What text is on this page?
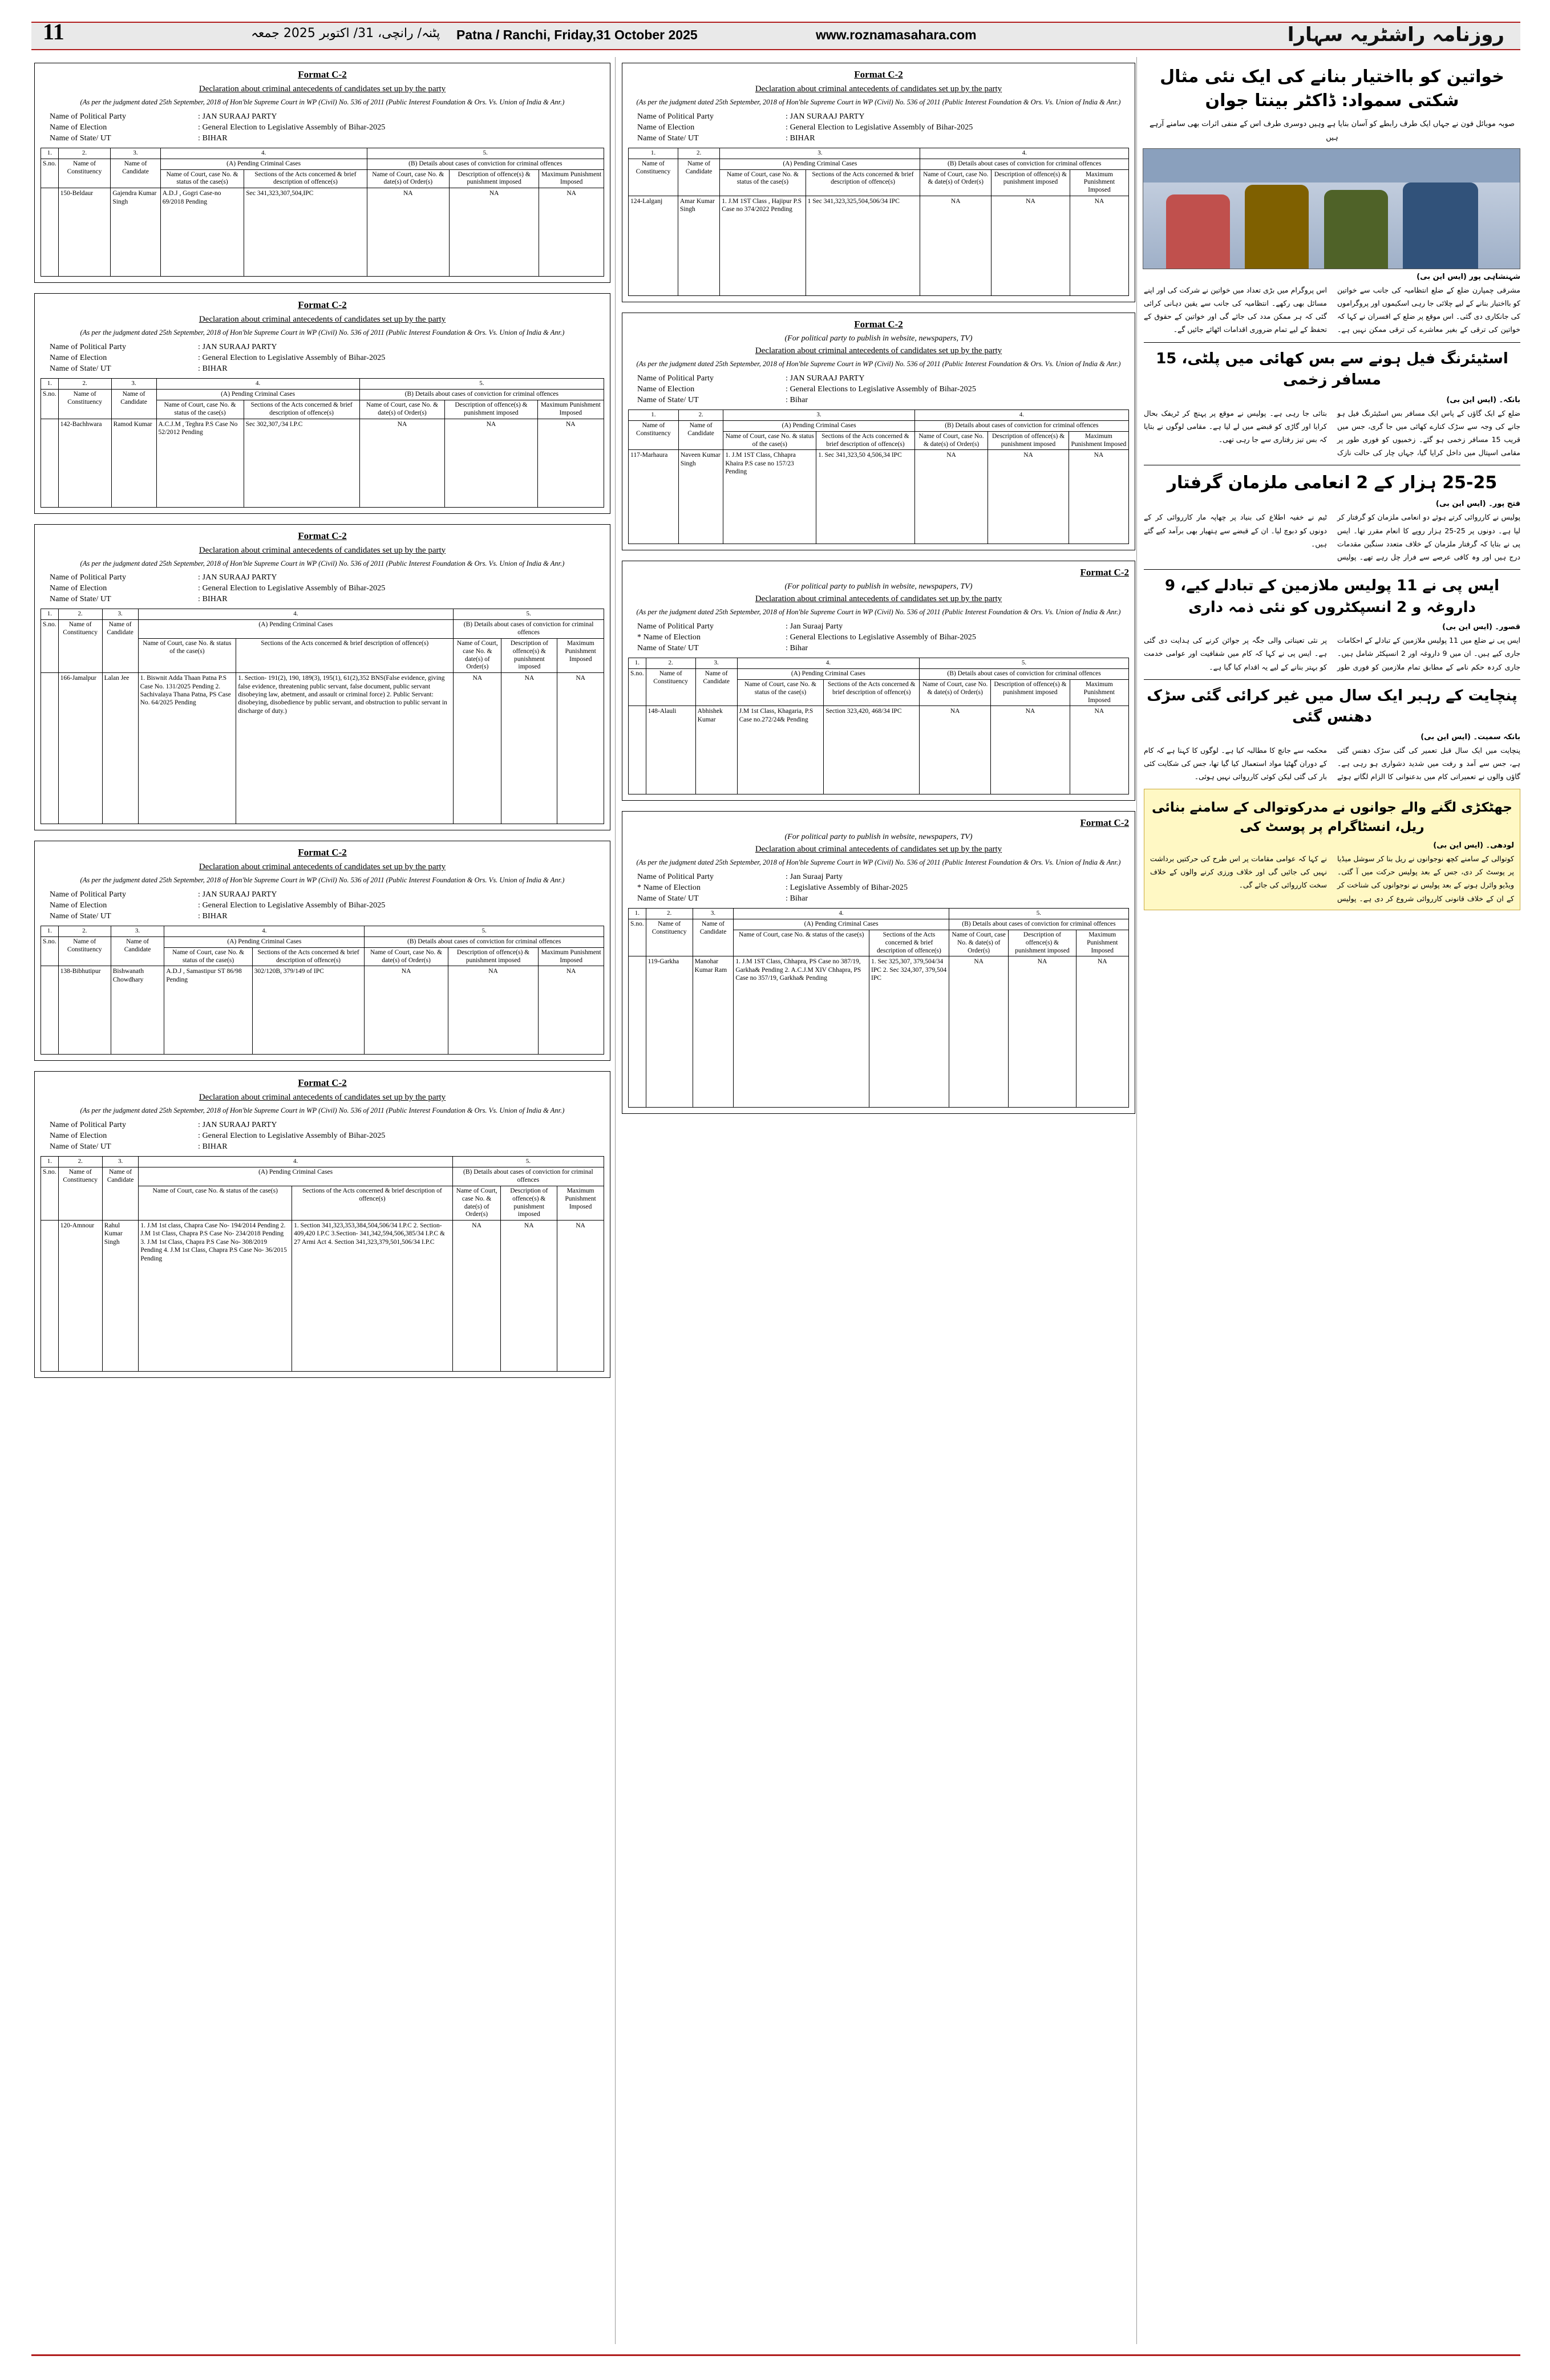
11	پٹنہ/ رانچی، 31/ اکتوبر 2025 جمعہ Patna / Ranchi, Friday,31 October 2025	www.roznamasahara.com	روزنامہ راشٹریہ سہارا
Format C-2
Declaration about criminal antecedents of candidates set up by the party
(As per the judgment dated 25th September, 2018 of Hon'ble Supreme Court in WP (Civil) No. 536 of 2011 (Public Interest Foundation & Ors. Vs. Union of India & Anr.)
Name of Political Party	: JAN SURAAJ PARTY
Name of Election	: General Election to Legislative Assembly of Bihar-2025
Name of State/ UT	: BIHAR
1.	2.	3.	4.		5.		
S.no.	Name of Constituency	Name of Candidate	(A) Pending Criminal Cases		(B) Details about cases of conviction for criminal offences		
			Name of Court, case No. & status of the case(s)	Sections of the Acts concerned & brief description of offence(s)	Name of Court, case No. & date(s) of Order(s)	Description of offence(s) & punishment imposed	Maximum Punishment Imposed
	150-Beldaur	Gajendra Kumar Singh	A.D.J , Gogri Case-no 69/2018 Pending	Sec 341,323,307,504,IPC	NA	NA	NA
Format C-2
Declaration about criminal antecedents of candidates set up by the party
(As per the judgment dated 25th September, 2018 of Hon'ble Supreme Court in WP (Civil) No. 536 of 2011 (Public Interest Foundation & Ors. Vs. Union of India & Anr.)
Name of Political Party	: JAN SURAAJ PARTY
Name of Election	: General Election to Legislative Assembly of Bihar-2025
Name of State/ UT	: BIHAR
1.	2.	3.	4.		5.		
S.no.	Name of Constituency	Name of Candidate	(A) Pending Criminal Cases		(B) Details about cases of conviction for criminal offences		
			Name of Court, case No. & status of the case(s)	Sections of the Acts concerned & brief description of offence(s)	Name of Court, case No. & date(s) of Order(s)	Description of offence(s) & punishment imposed	Maximum Punishment Imposed
	142-Bachhwara	Ramod Kumar	A.C.J.M , Teghra P.S Case No 52/2012 Pending	Sec 302,307,/34 I.P.C	NA	NA	NA
Format C-2
Declaration about criminal antecedents of candidates set up by the party
(As per the judgment dated 25th September, 2018 of Hon'ble Supreme Court in WP (Civil) No. 536 of 2011 (Public Interest Foundation & Ors. Vs. Union of India & Anr.)
Name of Political Party	: JAN SURAAJ PARTY
Name of Election	: General Election to Legislative Assembly of Bihar-2025
Name of State/ UT	: BIHAR
1.	2.	3.	4.		5.		
S.no.	Name of Constituency	Name of Candidate	(A) Pending Criminal Cases		(B) Details about cases of conviction for criminal offences		
			Name of Court, case No. & status of the case(s)	Sections of the Acts concerned & brief description of offence(s)	Name of Court, case No. & date(s) of Order(s)	Description of offence(s) & punishment imposed	Maximum Punishment Imposed
	166-Jamalpur	Lalan Jee	1. Biswnit Adda Thaan Patna P.S Case No. 131/2025 Pending 2. Sachivalaya Thana Patna, PS Case No. 64/2025 Pending	1. Section- 191(2), 190, 189(3), 195(1), 61(2),352 BNS(False evidence, giving false evidence, threatening public servant, false document, public servant disobeying law, abetment, and assault or criminal force) 2. Public Servant: disobeying, disobedience by public servant, and obstruction to public servant in discharge of duty.)	NA	NA	NA
Format C-2
Declaration about criminal antecedents of candidates set up by the party
(As per the judgment dated 25th September, 2018 of Hon'ble Supreme Court in WP (Civil) No. 536 of 2011 (Public Interest Foundation & Ors. Vs. Union of India & Anr.)
Name of Political Party	: JAN SURAAJ PARTY
Name of Election	: General Election to Legislative Assembly of Bihar-2025
Name of State/ UT	: BIHAR
1.	2.	3.	4.		5.		
S.no.	Name of Constituency	Name of Candidate	(A) Pending Criminal Cases		(B) Details about cases of conviction for criminal offences		
			Name of Court, case No. & status of the case(s)	Sections of the Acts concerned & brief description of offence(s)	Name of Court, case No. & date(s) of Order(s)	Description of offence(s) & punishment imposed	Maximum Punishment Imposed
	138-Bibhutipur	Bishwanath Chowdhary	A.D.J , Samastipur ST 86/98 Pending	302/120B, 379/149 of IPC	NA	NA	NA
Format C-2
Declaration about criminal antecedents of candidates set up by the party
(As per the judgment dated 25th September, 2018 of Hon'ble Supreme Court in WP (Civil) No. 536 of 2011 (Public Interest Foundation & Ors. Vs. Union of India & Anr.)
Name of Political Party	: JAN SURAAJ PARTY
Name of Election	: General Election to Legislative Assembly of Bihar-2025
Name of State/ UT	: BIHAR
1.	2.	3.	4.		5.		
S.no.	Name of Constituency	Name of Candidate	(A) Pending Criminal Cases		(B) Details about cases of conviction for criminal offences		
			Name of Court, case No. & status of the case(s)	Sections of the Acts concerned & brief description of offence(s)	Name of Court, case No. & date(s) of Order(s)	Description of offence(s) & punishment imposed	Maximum Punishment Imposed
	120-Amnour	Rahul Kumar Singh	1. J.M 1st class, Chapra Case No- 194/2014 Pending 2. J.M 1st Class, Chapra P.S Case No- 234/2018 Pending 3. J.M 1st Class, Chapra P.S Case No- 308/2019 Pending 4. J.M 1st Class, Chapra P.S Case No- 36/2015 Pending	1. Section 341,323,353,384,504,506/34 I.P.C 2. Section- 409,420 I.P.C 3.Section- 341,342,594,506,385/34 I.P.C & 27 Armi Act 4. Section 341,323,379,501,506/34 I.P.C	NA	NA	NA
Format C-2
Declaration about criminal antecedents of candidates set up by the party
(As per the judgment dated 25th September, 2018 of Hon'ble Supreme Court in WP (Civil) No. 536 of 2011 (Public Interest Foundation & Ors. Vs. Union of India & Anr.)
Name of Political Party	: JAN SURAAJ PARTY
Name of Election	: General Election to Legislative Assembly of Bihar-2025
Name of State/ UT	: BIHAR
1.	2.	3.		4.		
Name of Constituency	Name of Candidate	(A) Pending Criminal Cases		(B) Details about cases of conviction for criminal offences		
		Name of Court, case No. & status of the case(s)	Sections of the Acts concerned & brief description of offence(s)	Name of Court, case No. & date(s) of Order(s)	Description of offence(s) & punishment imposed	Maximum Punishment Imposed
124-Lalganj	Amar Kumar Singh	1. J.M 1ST Class , Hajipur P.S Case no 374/2022 Pending	1 Sec 341,323,325,504,506/34 IPC	NA	NA	NA
Format C-2
(For political party to publish in website, newspapers, TV)
Declaration about criminal antecedents of candidates set up by the party
(As per the judgment dated 25th September, 2018 of Hon'ble Supreme Court in WP (Civil) No. 536 of 2011 (Public Interest Foundation & Ors. Vs. Union of India & Anr.)
Name of Political Party	: JAN SURAAJ PARTY
Name of Election	: General Elections to Legislative Assembly of Bihar-2025
Name of State/ UT	: Bihar
1.	2.	3.		4.		
Name of Constituency	Name of Candidate	(A) Pending Criminal Cases		(B) Details about cases of conviction for criminal offences		
		Name of Court, case No. & status of the case(s)	Sections of the Acts concerned & brief description of offence(s)	Name of Court, case No. & date(s) of Order(s)	Description of offence(s) & punishment imposed	Maximum Punishment Imposed
117-Marhaura	Naveen Kumar Singh	1. J.M 1ST Class, Chhapra Khaira P.S case no 157/23 Pending	1. Sec 341,323,50 4,506,34 IPC	NA	NA	NA
Format C-2
(For political party to publish in website, newspapers, TV)
Declaration about criminal antecedents of candidates set up by the party
(As per the judgment dated 25th September, 2018 of Hon'ble Supreme Court in WP (Civil) No. 536 of 2011 (Public Interest Foundation & Ors. Vs. Union of India & Anr.)
Name of Political Party	: Jan Suraaj Party
* Name of Election	: General Elections to Legislative Assembly of Bihar-2025
Name of State/ UT	: Bihar
1.	2.	3.	4.		5.		
S.no.	Name of Constituency	Name of Candidate	(A) Pending Criminal Cases		(B) Details about cases of conviction for criminal offences		
			Name of Court, case No. & status of the case(s)	Sections of the Acts concerned & brief description of offence(s)	Name of Court, case No. & date(s) of Order(s)	Description of offence(s) & punishment imposed	Maximum Punishment Imposed
	148-Alauli	Abhishek Kumar	J.M 1st Class, Khagaria, P.S Case no.272/24& Pending	Section 323,420, 468/34 IPC	NA	NA	NA
Format C-2
(For political party to publish in website, newspapers, TV)
Declaration about criminal antecedents of candidates set up by the party
(As per the judgment dated 25th September, 2018 of Hon'ble Supreme Court in WP (Civil) No. 536 of 2011 (Public Interest Foundation & Ors. Vs. Union of India & Anr.)
Name of Political Party	: Jan Suraaj Party
* Name of Election	: Legislative Assembly of Bihar-2025
Name of State/ UT	: Bihar
1.	2.	3.	4.		5.		
S.no.	Name of Constituency	Name of Candidate	(A) Pending Criminal Cases		(B) Details about cases of conviction for criminal offences		
			Name of Court, case No. & status of the case(s)	Sections of the Acts concerned & brief description of offence(s)	Name of Court, case No. & date(s) of Order(s)	Description of offence(s) & punishment imposed	Maximum Punishment Imposed
	119-Garkha	Manohar Kumar Ram	1. J.M 1ST Class, Chhapra, PS Case no 387/19, Garkha& Pending 2. A.C.J.M XIV Chhapra, PS Case no 357/19, Garkha& Pending	1. Sec 325,307, 379,504/34 IPC 2. Sec 324,307, 379,504 IPC	NA	NA	NA
خواتین کو بااختیار بنانے کی ایک نئی مثال شکتی سمواد: ڈاکٹر بینتا جوان
صوبہ موبائل فون نے جہاں ایک طرف رابطے کو آسان بنایا ہے وہیں دوسری طرف اس کے منفی اثرات بھی سامنے آرہے ہیں
شہنشاہی پور (ایس این بی)
مشرقی چمپارن ضلع کے ضلع انتظامیہ کی جانب سے خواتین کو بااختیار بنانے کے لیے چلائی جا رہی اسکیموں اور پروگراموں کی جانکاری دی گئی۔ اس موقع پر ضلع کے افسران نے کہا کہ خواتین کی ترقی کے بغیر معاشرے کی ترقی ممکن نہیں ہے۔ اس پروگرام میں بڑی تعداد میں خواتین نے شرکت کی اور اپنے مسائل بھی رکھے۔ انتظامیہ کی جانب سے یقین دہانی کرائی گئی کہ ہر ممکن مدد کی جائے گی اور خواتین کے حقوق کے تحفظ کے لیے تمام ضروری اقدامات اٹھائے جائیں گے۔
اسٹیئرنگ فیل ہونے سے بس کھائی میں پلٹی، 15 مسافر زخمی
بانکہ۔ (ایس این بی)
ضلع کے ایک گاؤں کے پاس ایک مسافر بس اسٹیئرنگ فیل ہو جانے کی وجہ سے سڑک کنارے کھائی میں جا گری، جس میں قریب 15 مسافر زخمی ہو گئے۔ زخمیوں کو فوری طور پر مقامی اسپتال میں داخل کرایا گیا، جہاں چار کی حالت نازک بتائی جا رہی ہے۔ پولیس نے موقع پر پہنچ کر ٹریفک بحال کرایا اور گاڑی کو قبضے میں لے لیا ہے۔ مقامی لوگوں نے بتایا کہ بس تیز رفتاری سے جا رہی تھی۔
25-25 ہزار کے 2 انعامی ملزمان گرفتار
فتح پور۔ (ایس این بی)
پولیس نے کارروائی کرتے ہوئے دو انعامی ملزمان کو گرفتار کر لیا ہے۔ دونوں پر 25-25 ہزار روپے کا انعام مقرر تھا۔ ایس پی نے بتایا کہ گرفتار ملزمان کے خلاف متعدد سنگین مقدمات درج ہیں اور وہ کافی عرصے سے فرار چل رہے تھے۔ پولیس ٹیم نے خفیہ اطلاع کی بنیاد پر چھاپہ مار کارروائی کر کے دونوں کو دبوچ لیا۔ ان کے قبضے سے ہتھیار بھی برآمد کیے گئے ہیں۔
ایس پی نے 11 پولیس ملازمین کے تبادلے کیے، 9 داروغہ و 2 انسپکٹروں کو نئی ذمہ داری
قصور۔ (ایس این بی)
ایس پی نے ضلع میں 11 پولیس ملازمین کے تبادلے کے احکامات جاری کیے ہیں۔ ان میں 9 داروغہ اور 2 انسپکٹر شامل ہیں۔ جاری کردہ حکم نامے کے مطابق تمام ملازمین کو فوری طور پر نئی تعیناتی والی جگہ پر جوائن کرنے کی ہدایت دی گئی ہے۔ ایس پی نے کہا کہ کام میں شفافیت اور عوامی خدمت کو بہتر بنانے کے لیے یہ اقدام کیا گیا ہے۔
پنچایت کے رہبر ایک سال میں غیر کرائی گئی سڑک دھنس گئی
بانکہ سمیت۔ (ایس این بی)
پنچایت میں ایک سال قبل تعمیر کی گئی سڑک دھنس گئی ہے، جس سے آمد و رفت میں شدید دشواری ہو رہی ہے۔ گاؤں والوں نے تعمیراتی کام میں بدعنوانی کا الزام لگاتے ہوئے محکمہ سے جانچ کا مطالبہ کیا ہے۔ لوگوں کا کہنا ہے کہ کام کے دوران گھٹیا مواد استعمال کیا گیا تھا، جس کی شکایت کئی بار کی گئی لیکن کوئی کارروائی نہیں ہوئی۔
جھٹکڑی لگنے والے جوانوں نے مدرکوتوالی کے سامنے بنائی ریل، انسٹاگرام پر پوسٹ کی
لودھی۔ (ایس این بی)
کوتوالی کے سامنے کچھ نوجوانوں نے ریل بنا کر سوشل میڈیا پر پوسٹ کر دی، جس کے بعد پولیس حرکت میں آ گئی۔ ویڈیو وائرل ہونے کے بعد پولیس نے نوجوانوں کی شناخت کر کے ان کے خلاف قانونی کارروائی شروع کر دی ہے۔ پولیس نے کہا کہ عوامی مقامات پر اس طرح کی حرکتیں برداشت نہیں کی جائیں گی اور خلاف ورزی کرنے والوں کے خلاف سخت کارروائی کی جائے گی۔
